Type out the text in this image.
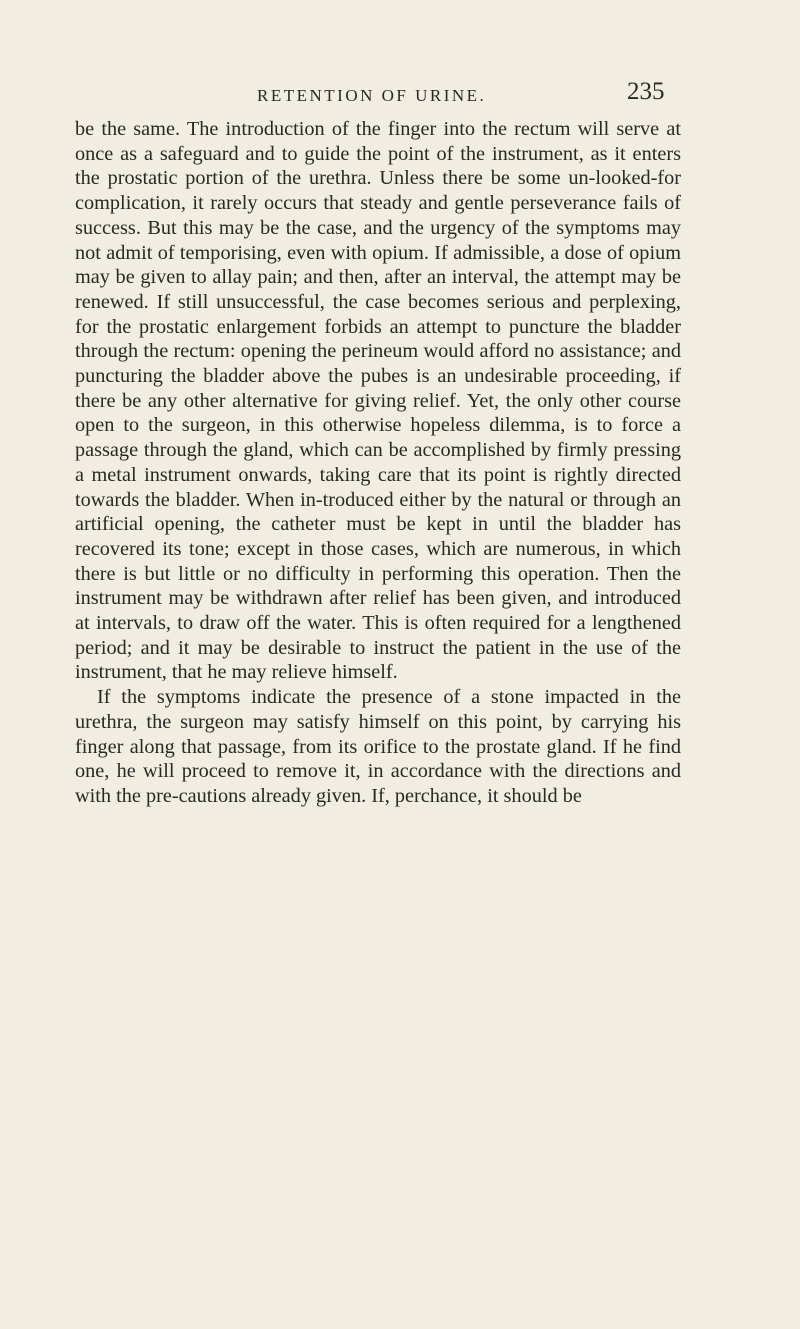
RETENTION OF URINE.	235

be the same. The introduction of the finger into the rectum will serve at once as a safeguard and to guide the point of the instrument, as it enters the prostatic portion of the urethra. Unless there be some un-looked-for complication, it rarely occurs that steady and gentle perseverance fails of success. But this may be the case, and the urgency of the symptoms may not admit of temporising, even with opium. If admissible, a dose of opium may be given to allay pain; and then, after an interval, the attempt may be renewed. If still unsuccessful, the case becomes serious and perplexing, for the prostatic enlargement forbids an attempt to puncture the bladder through the rectum: opening the perineum would afford no assistance; and puncturing the bladder above the pubes is an undesirable proceeding, if there be any other alternative for giving relief. Yet, the only other course open to the surgeon, in this otherwise hopeless dilemma, is to force a passage through the gland, which can be accomplished by firmly pressing a metal instrument onwards, taking care that its point is rightly directed towards the bladder. When in-troduced either by the natural or through an artificial opening, the catheter must be kept in until the bladder has recovered its tone; except in those cases, which are numerous, in which there is but little or no difficulty in performing this operation. Then the instrument may be withdrawn after relief has been given, and introduced at intervals, to draw off the water. This is often required for a lengthened period; and it may be desirable to instruct the patient in the use of the instrument, that he may relieve himself.

If the symptoms indicate the presence of a stone impacted in the urethra, the surgeon may satisfy himself on this point, by carrying his finger along that passage, from its orifice to the prostate gland. If he find one, he will proceed to remove it, in accordance with the directions and with the pre-cautions already given. If, perchance, it should be
